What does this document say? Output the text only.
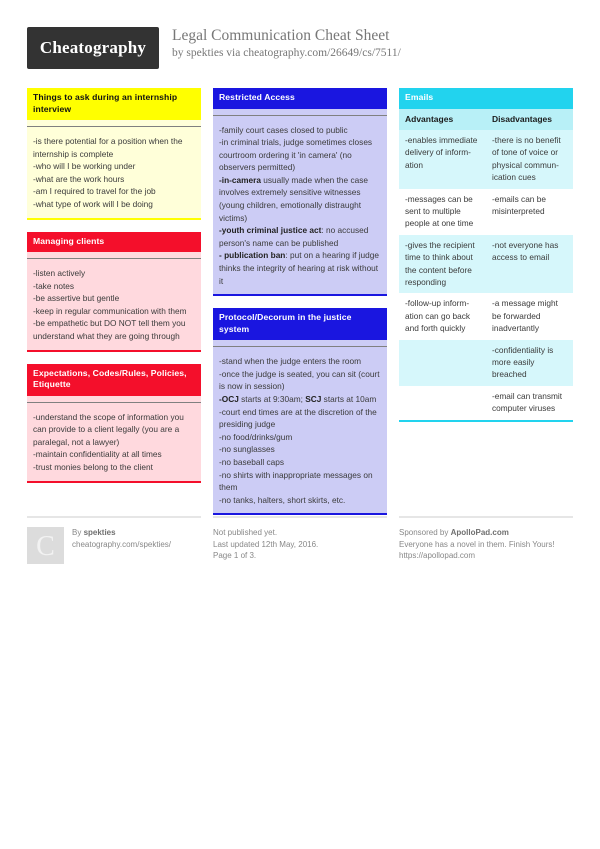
Cheatography
Legal Communication Cheat Sheet
by spekties via cheatography.com/26649/cs/7511/
Things to ask during an internship interview
-is there potential for a position when the internship is complete
-who will I be working under
-what are the work hours
-am I required to travel for the job
-what type of work will I be doing
Managing clients
-listen actively
-take notes
-be assertive but gentle
-keep in regular communication with them
-be empathetic but DO NOT tell them you understand what they are going through
Expectations, Codes/Rules, Policies, Etiquette
-understand the scope of information you can provide to a client legally (you are a paralegal, not a lawyer)
-maintain confidentiality at all times
-trust monies belong to the client
Restricted Access
-family court cases closed to public
-in criminal trials, judge sometimes closes courtroom ordering it 'in camera' (no observers permitted)
-in-camera usually made when the case involves extremely sensitive witnesses (young children, emotionally distraught victims)
-youth criminal justice act: no accused person's name can be published
- publication ban: put on a hearing if judge thinks the integrity of hearing at risk without it
Protocol/Decorum in the justice system
-stand when the judge enters the room
-once the judge is seated, you can sit (court is now in session)
-OCJ starts at 9:30am; SCJ starts at 10am
-court end times are at the discretion of the presiding judge
-no food/drinks/gum
-no sunglasses
-no baseball caps
-no shirts with inappropriate messages on them
-no tanks, halters, short skirts, etc.
Emails
Advantages	Disadvantages
-enables immediate delivery of inform-ation
-there is no benefit of tone of voice or physical commun-ication cues
-messages can be sent to multiple people at one time
-emails can be misinterpreted
-gives the recipient time to think about the content before responding
-not everyone has access to email
-follow-up inform-ation can go back and forth quickly
-a message might be forwarded inadvertantly
-confidentiality is more easily breached
-email can transmit computer viruses
C	By spekties
cheatography.com/spekties/
Not published yet.
Last updated 12th May, 2016.
Page 1 of 3.
Sponsored by ApolloPad.com
Everyone has a novel in them. Finish Yours!
https://apollopad.com
